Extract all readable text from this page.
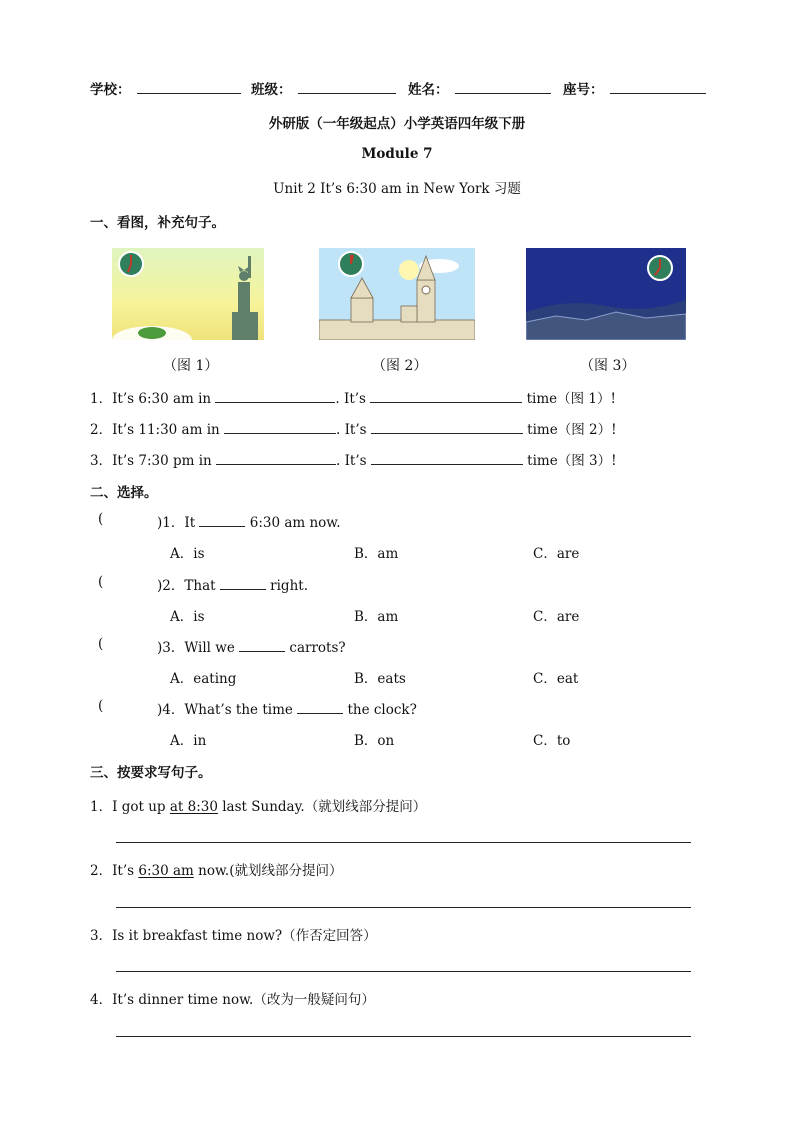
学校：	班级：	姓名：	座号：
外研版（一年级起点）小学英语四年级下册
Module 7
Unit 2 It’s 6:30 am in New York 习题
一、看图，补充句子。
（图 1）	（图 2）	（图 3）
1．It’s 6:30 am in	. It’s	time（图 1）!
2．It’s 11:30 am in	. It’s	time（图 2）!
3．It’s 7:30 pm in	. It’s	time（图 3）!
二、选择。
(	)1．It	6:30 am now.
A．is	B．am	C．are
(	)2．That	right.
A．is	B．am	C．are
(	)3．Will we	carrots?
A．eating	B．eats	C．eat
(	)4．What’s the time	the clock?
A．in	B．on	C．to
三、按要求写句子。
1．I got up at 8:30 last Sunday.（就划线部分提问）
2．It’s 6:30 am now.(就划线部分提问）
3．Is it breakfast time now?（作否定回答）
4．It’s dinner time now.（改为一般疑问句）
